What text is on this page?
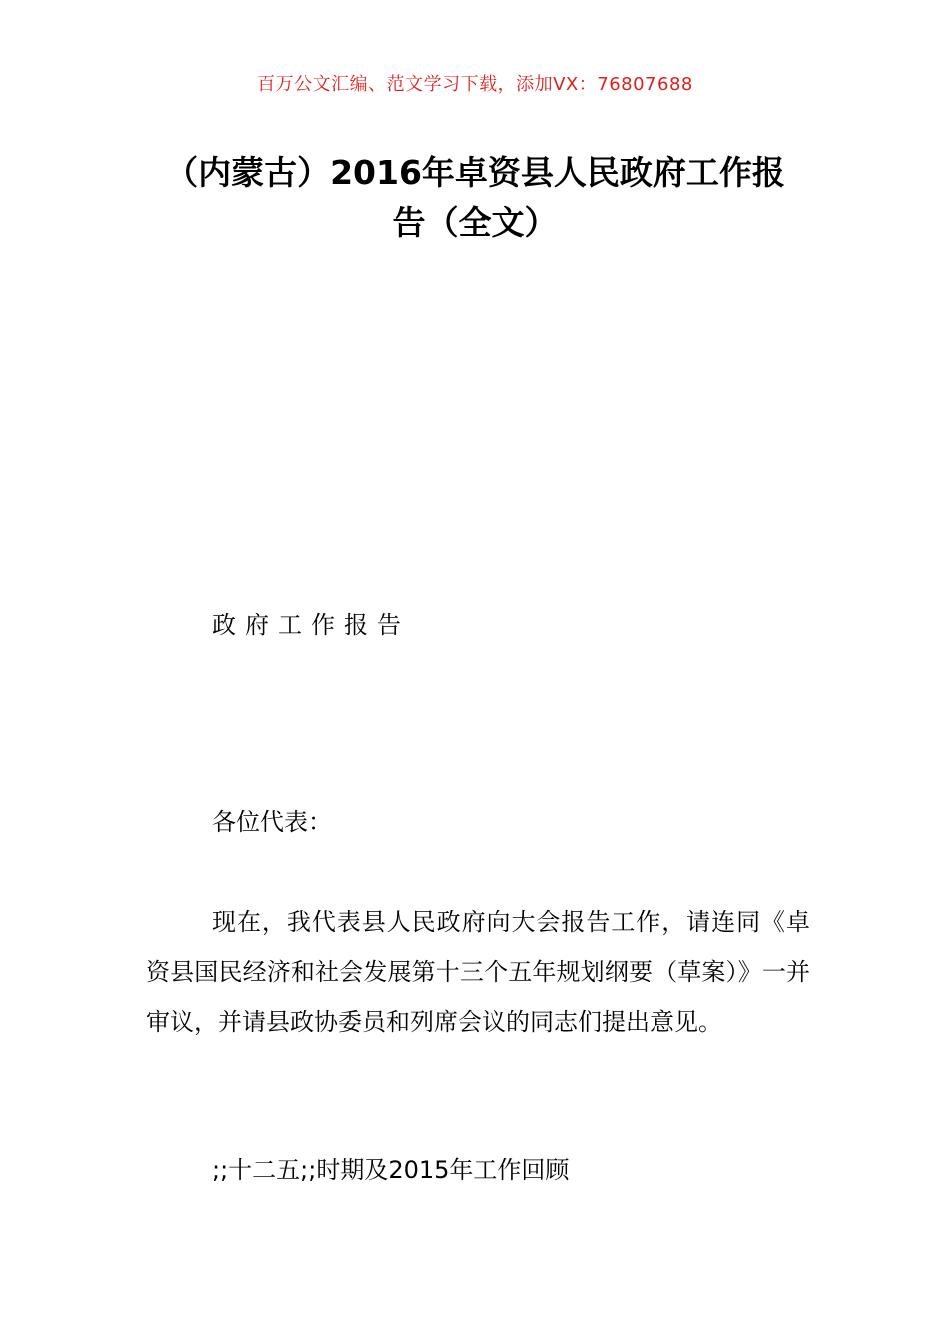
百万公文汇编、范文学习下载，添加VX：76807688
（内蒙古）2016年卓资县人民政府工作报
告（全文）
政府工作报告
各位代表：
现在，我代表县人民政府向大会报告工作，请连同《卓资县国民经济和社会发展第十三个五年规划纲要（草案）》一并审议，并请县政协委员和列席会议的同志们提出意见。
;;十二五;;时期及2015年工作回顾
